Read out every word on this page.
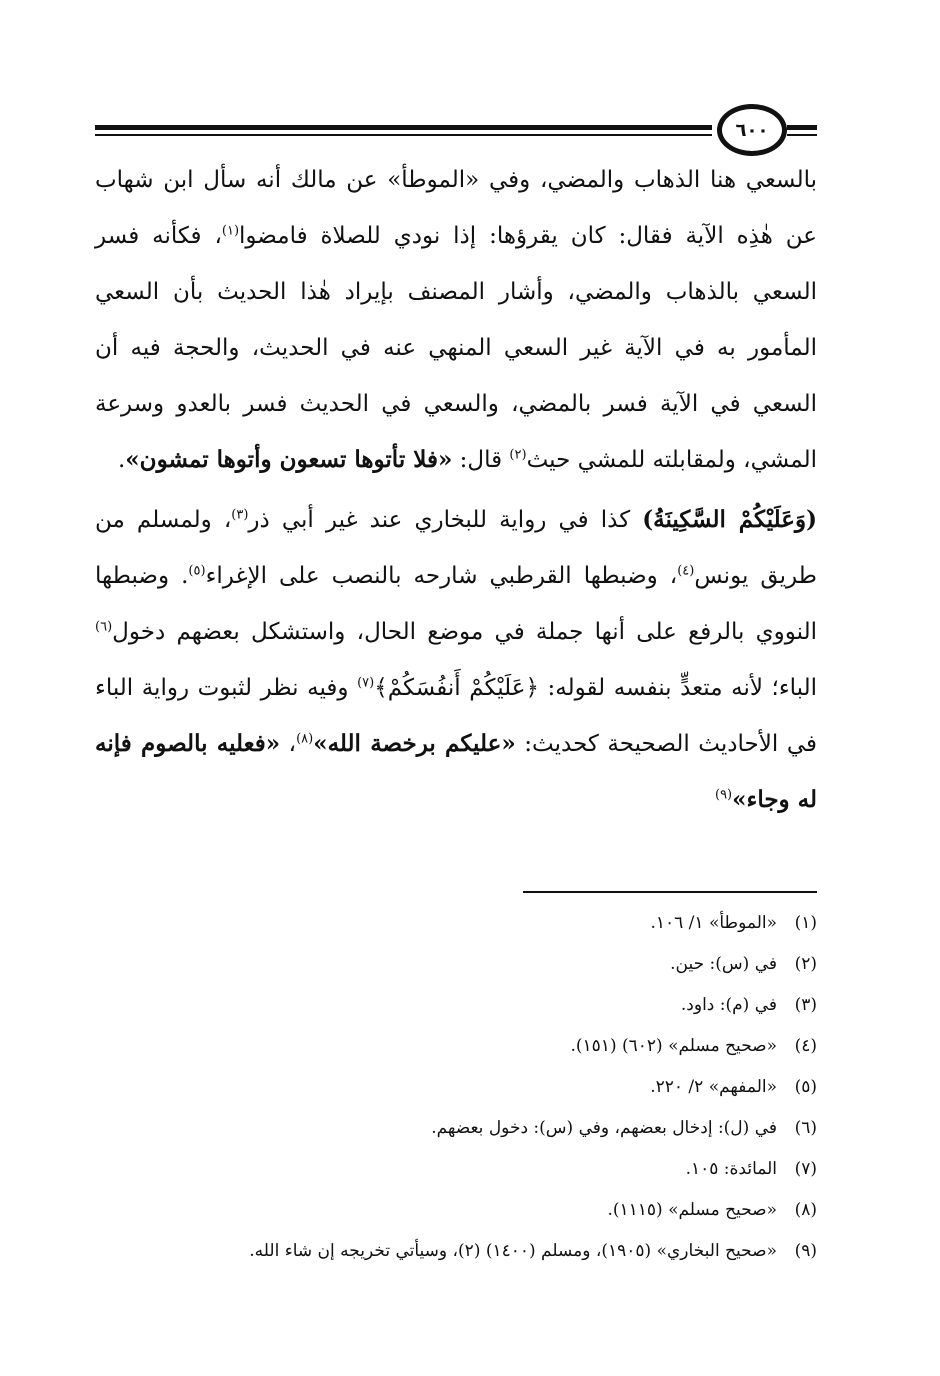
٦٠٠

بالسعي هنا الذهاب والمضي، وفي «الموطأ» عن مالك أنه سأل ابن شهاب عن هٰذِه الآية فقال: كان يقرؤها: إذا نودي للصلاة فامضوا$^{(١)}$، فكأنه فسر السعي بالذهاب والمضي، وأشار المصنف بإيراد هٰذا الحديث بأن السعي المأمور به في الآية غير السعي المنهي عنه في الحديث، والحجة فيه أن السعي في الآية فسر بالمضي، والسعي في الحديث فسر بالعدو وسرعة المشي، ولمقابلته للمشي حيث$^{(٢)}$ قال: «فلا تأتوها تسعون وأتوها تمشون».

(وَعَلَيْكُمْ السَّكِينَةُ) كذا في رواية للبخاري عند غير أبي ذر$^{(٣)}$، ولمسلم من طريق يونس$^{(٤)}$، وضبطها القرطبي شارحه بالنصب على الإغراء$^{(٥)}$. وضبطها النووي بالرفع على أنها جملة في موضع الحال، واستشكل بعضهم دخول$^{(٦)}$ الباء؛ لأنه متعدٍّ بنفسه لقوله: ﴿عَلَيْكُمْ أَنفُسَكُمْ﴾$^{(٧)}$ وفيه نظر لثبوت رواية الباء في الأحاديث الصحيحة كحديث: «عليكم برخصة الله»$^{(٨)}$، «فعليه بالصوم فإنه له وجاء»$^{(٩)}$

(١)
«الموطأ» ١/ ١٠٦.
(٢)
في (س): حين.
(٣)
في (م): داود.
(٤)
«صحيح مسلم» (٦٠٢) (١٥١).
(٥)
«المفهم» ٢/ ٢٢٠.
(٦)
في (ل): إدخال بعضهم، وفي (س): دخول بعضهم.
(٧)
المائدة: ١٠٥.
(٨)
«صحيح مسلم» (١١١٥).
(٩)
«صحيح البخاري» (١٩٠٥)، ومسلم (١٤٠٠) (٢)، وسيأتي تخريجه إن شاء الله.
